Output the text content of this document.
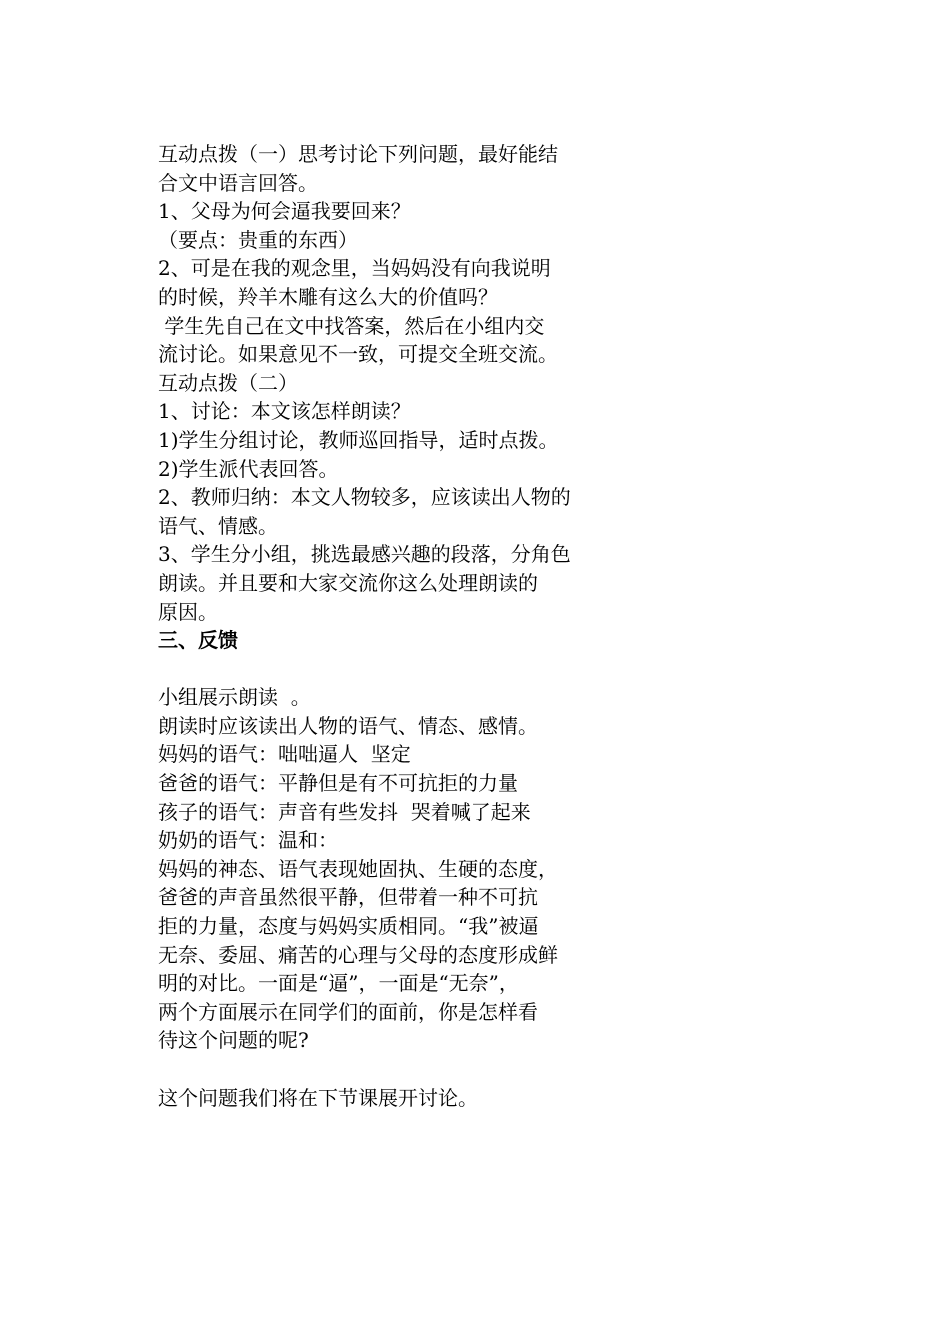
互动点拨（一）思考讨论下列问题，最好能结
合文中语言回答。
1、父母为何会逼我要回来？
（要点：贵重的东西）
2、可是在我的观念里，当妈妈没有向我说明
的时候，羚羊木雕有这么大的价值吗？
学生先自己在文中找答案，然后在小组内交
流讨论。如果意见不一致，可提交全班交流。
互动点拨（二）
1、讨论：本文该怎样朗读？
1)学生分组讨论，教师巡回指导，适时点拨。
2)学生派代表回答。
2、教师归纳：本文人物较多，应该读出人物的
语气、情感。
3、学生分小组，挑选最感兴趣的段落，分角色
朗读。并且要和大家交流你这么处理朗读的
原因。
三、反馈
小组展示朗读  。
朗读时应该读出人物的语气、情态、感情。
妈妈的语气：咄咄逼人  坚定
爸爸的语气：平静但是有不可抗拒的力量
孩子的语气：声音有些发抖  哭着喊了起来
奶奶的语气：温和：
妈妈的神态、语气表现她固执、生硬的态度，
爸爸的声音虽然很平静，但带着一种不可抗
拒的力量，态度与妈妈实质相同。“我”被逼
无奈、委屈、痛苦的心理与父母的态度形成鲜
明的对比。一面是“逼”，一面是“无奈”，
两个方面展示在同学们的面前，你是怎样看
待这个问题的呢?
这个问题我们将在下节课展开讨论。
